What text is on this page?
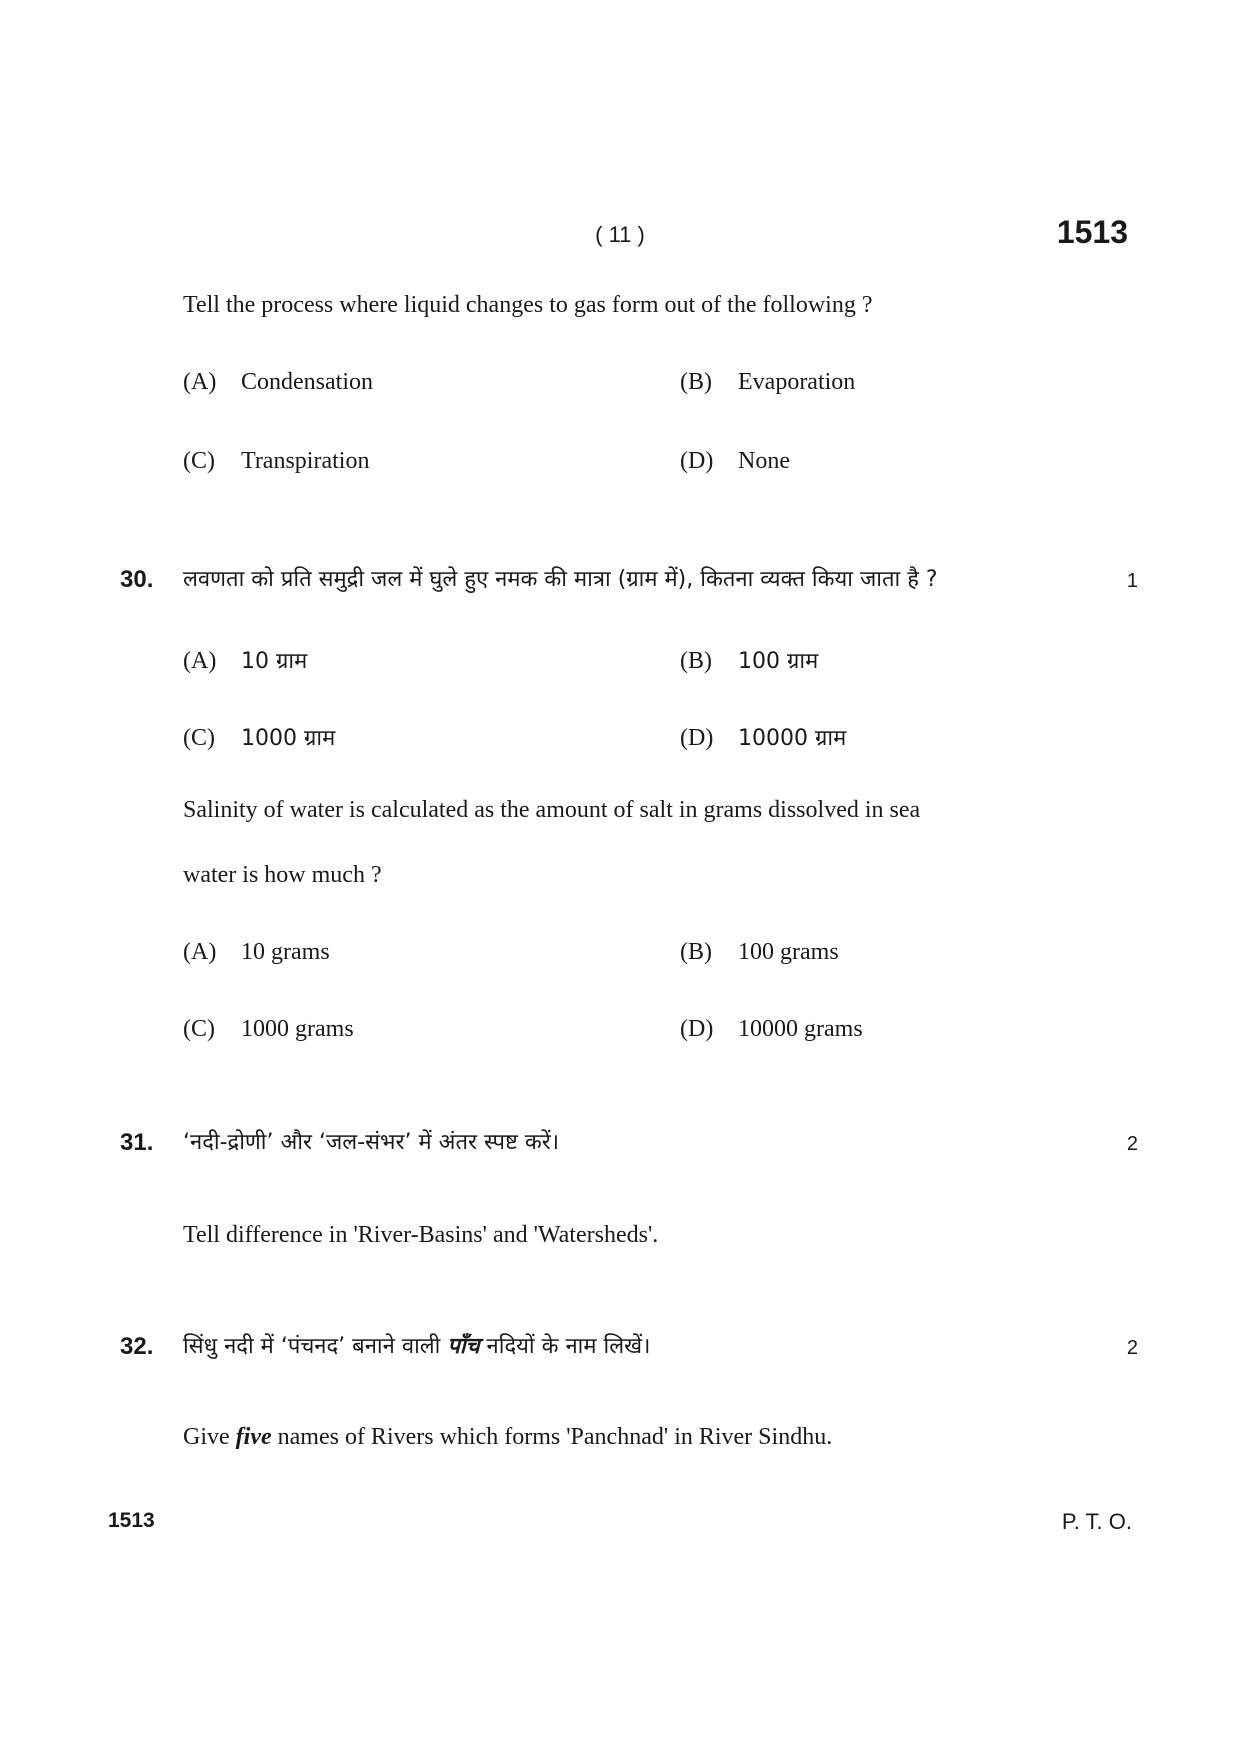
( 11 )	1513
Tell the process where liquid changes to gas form out of the following ?
(A) Condensation	(B) Evaporation
(C) Transpiration	(D) None
30. लवणता को प्रति समुद्री जल में घुले हुए नमक की मात्रा (ग्राम में), कितना व्यक्त किया जाता है ?	1
(A) 10 ग्राम	(B) 100 ग्राम
(C) 1000 ग्राम	(D) 10000 ग्राम
Salinity of water is calculated as the amount of salt in grams dissolved in sea
water is how much ?
(A) 10 grams	(B) 100 grams
(C) 1000 grams	(D) 10000 grams
31. ‘नदी-द्रोणी’ और ‘जल-संभर’ में अंतर स्पष्ट करें।	2
Tell difference in 'River-Basins' and 'Watersheds'.
32. सिंधु नदी में ‘पंचनद’ बनाने वाली पाँच नदियों के नाम लिखें।	2
Give five names of Rivers which forms 'Panchnad' in River Sindhu.
1513	P. T. O.
